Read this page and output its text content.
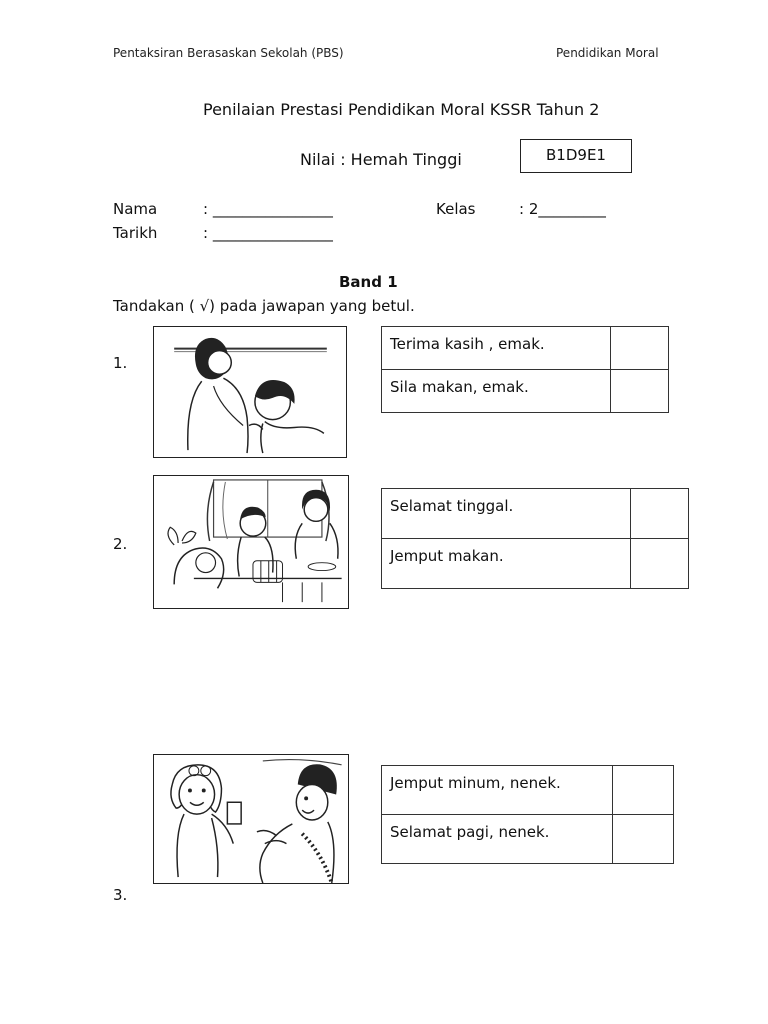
Pentaksiran Berasaskan Sekolah (PBS)	Pendidikan Moral
Penilaian Prestasi Pendidikan Moral KSSR Tahun 2
Nilai : Hemah Tinggi	B1D9E1
Nama	: ________________	Kelas	: 2_________
Tarikh	: ________________
Band 1
Tandakan ( √) pada jawapan yang betul.
1.
Terima kasih , emak.	
Sila makan, emak.	
2.
Selamat tinggal.	
Jemput makan.	
Jemput minum, nenek.	
Selamat pagi, nenek.	
3.
